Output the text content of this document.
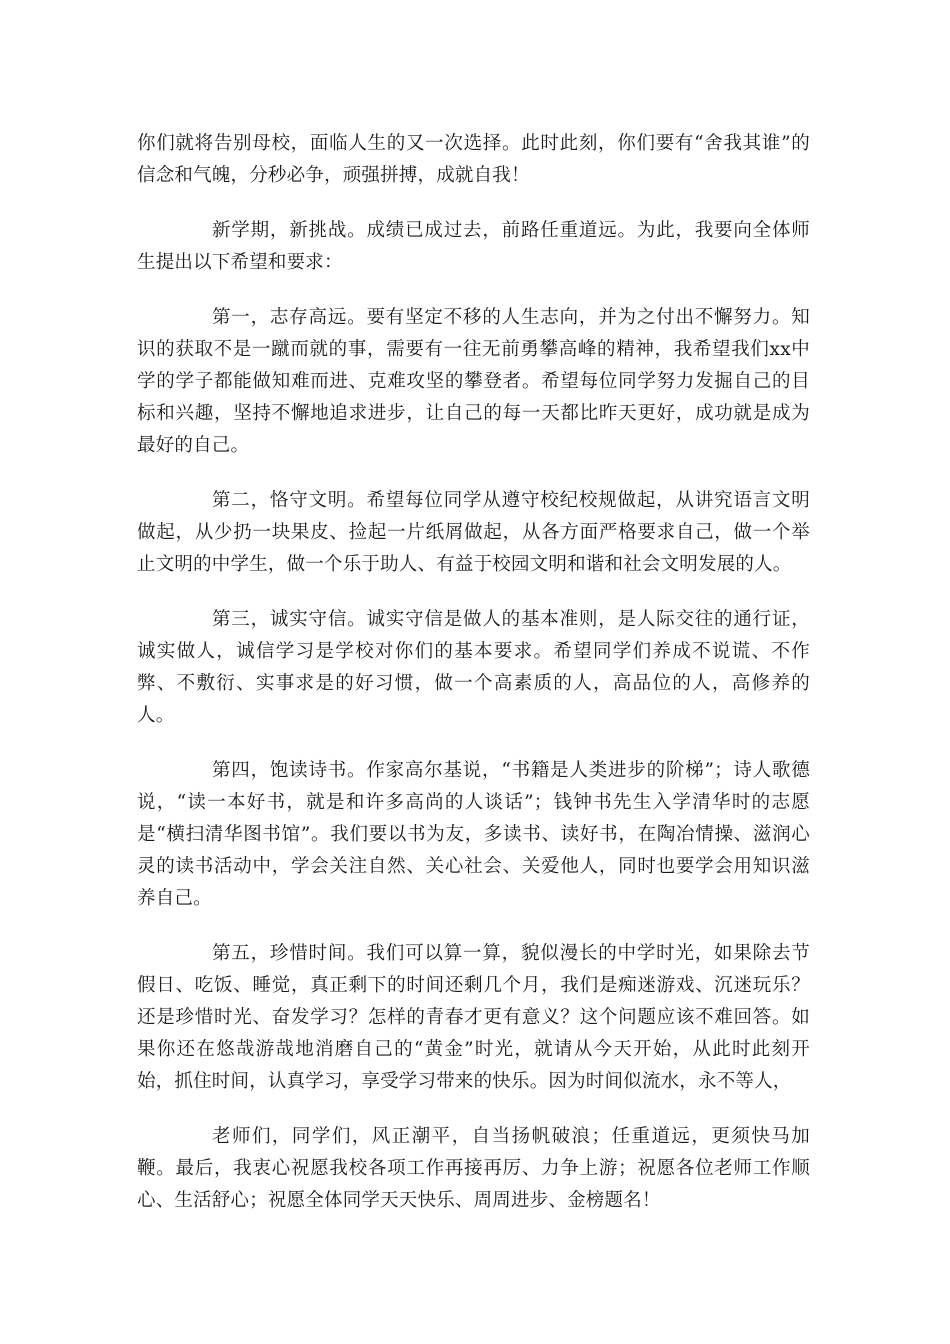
你们就将告别母校，面临人生的又一次选择。此时此刻，你们要有“舍我其谁”的信念和气魄，分秒必争，顽强拼搏，成就自我！

新学期，新挑战。成绩已成过去，前路任重道远。为此，我要向全体师生提出以下希望和要求：

第一，志存高远。要有坚定不移的人生志向，并为之付出不懈努力。知识的获取不是一蹴而就的事，需要有一往无前勇攀高峰的精神，我希望我们xx中学的学子都能做知难而进、克难攻坚的攀登者。希望每位同学努力发掘自己的目标和兴趣，坚持不懈地追求进步，让自己的每一天都比昨天更好，成功就是成为最好的自己。

第二，恪守文明。希望每位同学从遵守校纪校规做起，从讲究语言文明做起，从少扔一块果皮、捡起一片纸屑做起，从各方面严格要求自己，做一个举止文明的中学生，做一个乐于助人、有益于校园文明和谐和社会文明发展的人。

第三，诚实守信。诚实守信是做人的基本准则，是人际交往的通行证，诚实做人，诚信学习是学校对你们的基本要求。希望同学们养成不说谎、不作弊、不敷衍、实事求是的好习惯，做一个高素质的人，高品位的人，高修养的人。

第四，饱读诗书。作家高尔基说，“书籍是人类进步的阶梯”；诗人歌德说，“读一本好书，就是和许多高尚的人谈话”；钱钟书先生入学清华时的志愿是“横扫清华图书馆”。我们要以书为友，多读书、读好书，在陶冶情操、滋润心灵的读书活动中，学会关注自然、关心社会、关爱他人，同时也要学会用知识滋养自己。

第五，珍惜时间。我们可以算一算，貌似漫长的中学时光，如果除去节假日、吃饭、睡觉，真正剩下的时间还剩几个月，我们是痴迷游戏、沉迷玩乐？还是珍惜时光、奋发学习？怎样的青春才更有意义？这个问题应该不难回答。如果你还在悠哉游哉地消磨自己的“黄金”时光，就请从今天开始，从此时此刻开始，抓住时间，认真学习，享受学习带来的快乐。因为时间似流水，永不等人，

老师们，同学们，风正潮平，自当扬帆破浪；任重道远，更须快马加鞭。最后，我衷心祝愿我校各项工作再接再厉、力争上游；祝愿各位老师工作顺心、生活舒心；祝愿全体同学天天快乐、周周进步、金榜题名！
